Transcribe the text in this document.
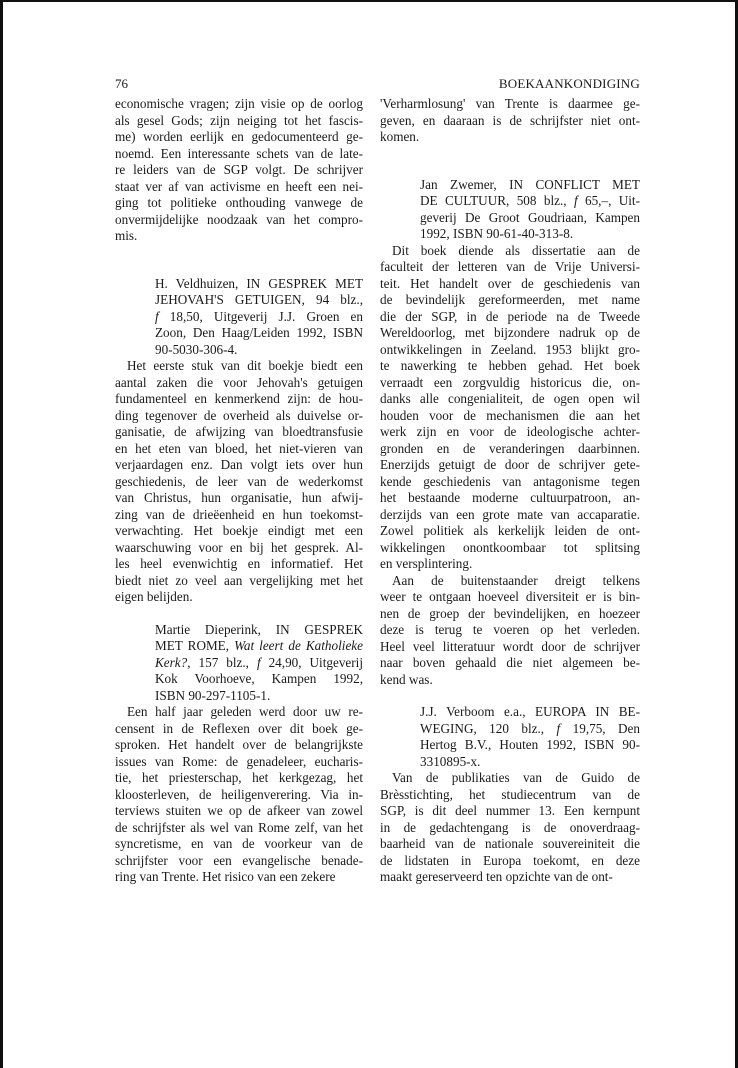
76	BOEKAANKONDIGING
economische vragen; zijn visie op de oorlog
als gesel Gods; zijn neiging tot het fascis-
me) worden eerlijk en gedocumenteerd ge-
noemd. Een interessante schets van de late-
re leiders van de SGP volgt. De schrijver
staat ver af van activisme en heeft een nei-
ging tot politieke onthouding vanwege de
onvermijdelijke noodzaak van het compro-
mis.
H. Veldhuizen, IN GESPREK MET
JEHOVAH'S GETUIGEN, 94 blz.,
f 18,50, Uitgeverij J.J. Groen en
Zoon, Den Haag/Leiden 1992, ISBN
90-5030-306-4.
Het eerste stuk van dit boekje biedt een
aantal zaken die voor Jehovah's getuigen
fundamenteel en kenmerkend zijn: de hou-
ding tegenover de overheid als duivelse or-
ganisatie, de afwijzing van bloedtransfusie
en het eten van bloed, het niet-vieren van
verjaardagen enz. Dan volgt iets over hun
geschiedenis, de leer van de wederkomst
van Christus, hun organisatie, hun afwij-
zing van de drieëenheid en hun toekomst-
verwachting. Het boekje eindigt met een
waarschuwing voor en bij het gesprek. Al-
les heel evenwichtig en informatief. Het
biedt niet zo veel aan vergelijking met het
eigen belijden.
Martie Dieperink, IN GESPREK
MET ROME, Wat leert de Katholieke
Kerk?, 157 blz., f 24,90, Uitgeverij
Kok Voorhoeve, Kampen 1992,
ISBN 90-297-1105-1.
Een half jaar geleden werd door uw re-
censent in de Reflexen over dit boek ge-
sproken. Het handelt over de belangrijkste
issues van Rome: de genadeleer, eucharis-
tie, het priesterschap, het kerkgezag, het
kloosterleven, de heiligenverering. Via in-
terviews stuiten we op de afkeer van zowel
de schrijfster als wel van Rome zelf, van het
syncretisme, en van de voorkeur van de
schrijfster voor een evangelische benade-
ring van Trente. Het risico van een zekere
'Verharmlosung' van Trente is daarmee ge-
geven, en daaraan is de schrijfster niet ont-
komen.
Jan Zwemer, IN CONFLICT MET
DE CULTUUR, 508 blz., f 65,–, Uit-
geverij De Groot Goudriaan, Kampen
1992, ISBN 90-61-40-313-8.
Dit boek diende als dissertatie aan de
faculteit der letteren van de Vrije Universi-
teit. Het handelt over de geschiedenis van
de bevindelijk gereformeerden, met name
die der SGP, in de periode na de Tweede
Wereldoorlog, met bijzondere nadruk op de
ontwikkelingen in Zeeland. 1953 blijkt gro-
te nawerking te hebben gehad. Het boek
verraadt een zorgvuldig historicus die, on-
danks alle congenialiteit, de ogen open wil
houden voor de mechanismen die aan het
werk zijn en voor de ideologische achter-
gronden en de veranderingen daarbinnen.
Enerzijds getuigt de door de schrijver gete-
kende geschiedenis van antagonisme tegen
het bestaande moderne cultuurpatroon, an-
derzijds van een grote mate van accaparatie.
Zowel politiek als kerkelijk leiden de ont-
wikkelingen onontkoombaar tot splitsing
en versplintering.
Aan de buitenstaander dreigt telkens
weer te ontgaan hoeveel diversiteit er is bin-
nen de groep der bevindelijken, en hoezeer
deze is terug te voeren op het verleden.
Heel veel litteratuur wordt door de schrijver
naar boven gehaald die niet algemeen be-
kend was.
J.J. Verboom e.a., EUROPA IN BE-
WEGING, 120 blz., f 19,75, Den
Hertog B.V., Houten 1992, ISBN 90-
3310895-x.
Van de publikaties van de Guido de
Brèsstichting, het studiecentrum van de
SGP, is dit deel nummer 13. Een kernpunt
in de gedachtengang is de onoverdraag-
baarheid van de nationale souvereiniteit die
de lidstaten in Europa toekomt, en deze
maakt gereserveerd ten opzichte van de ont-
